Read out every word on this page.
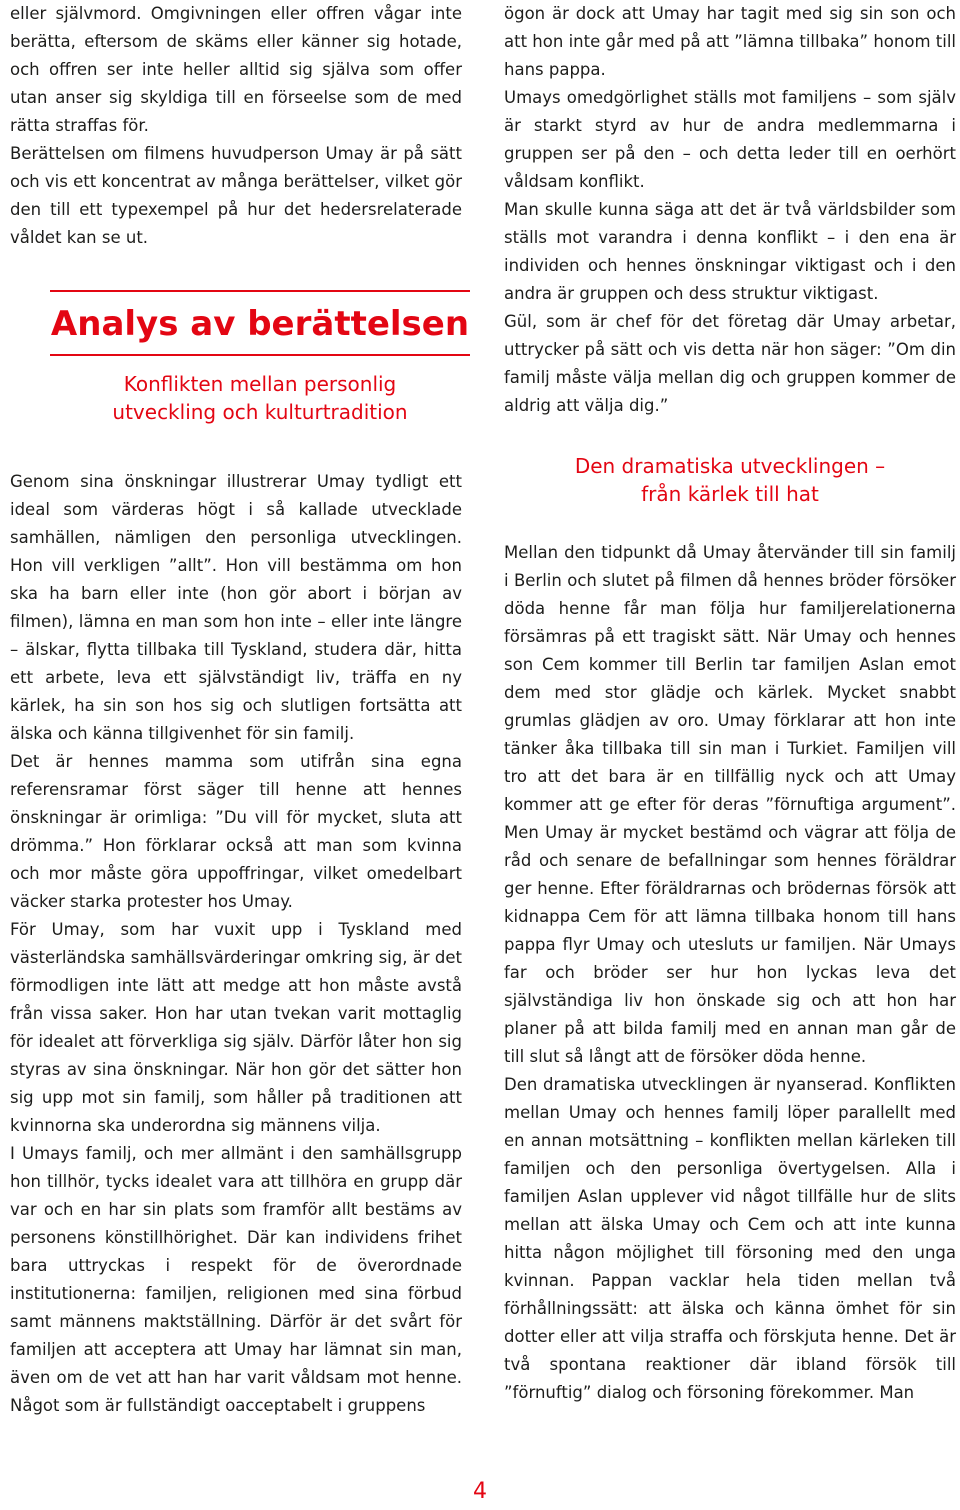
eller självmord. Omgivningen eller offren vågar inte berätta, eftersom de skäms eller känner sig hotade, och offren ser inte heller alltid sig själva som offer utan anser sig skyldiga till en förseelse som de med rätta straffas för.

Berättelsen om filmens huvudperson Umay är på sätt och vis ett koncentrat av många berättelser, vilket gör den till ett typexempel på hur det hedersrelaterade våldet kan se ut.

Analys av berättelsen
Konflikten mellan personlig
utveckling och kulturtradition

Genom sina önskningar illustrerar Umay tydligt ett ideal som värderas högt i så kallade utvecklade samhällen, nämligen den personliga utvecklingen. Hon vill verkligen ”allt”. Hon vill bestämma om hon ska ha barn eller inte (hon gör abort i början av filmen), lämna en man som hon inte – eller inte längre – älskar, flytta tillbaka till Tyskland, studera där, hitta ett arbete, leva ett självständigt liv, träffa en ny kärlek, ha sin son hos sig och slutligen fortsätta att älska och känna tillgivenhet för sin familj.

Det är hennes mamma som utifrån sina egna referensramar först säger till henne att hennes önskningar är orimliga: ”Du vill för mycket, sluta att drömma.” Hon förklarar också att man som kvinna och mor måste göra uppoffringar, vilket omedelbart väcker starka protester hos Umay.

För Umay, som har vuxit upp i Tyskland med västerländska samhällsvärderingar omkring sig, är det förmodligen inte lätt att medge att hon måste avstå från vissa saker. Hon har utan tvekan varit mottaglig för idealet att förverkliga sig själv. Därför låter hon sig styras av sina önskningar. När hon gör det sätter hon sig upp mot sin familj, som håller på traditionen att kvinnorna ska underordna sig männens vilja.

I Umays familj, och mer allmänt i den samhällsgrupp hon tillhör, tycks idealet vara att tillhöra en grupp där var och en har sin plats som framför allt bestäms av personens könstillhörighet. Där kan individens frihet bara uttryckas i respekt för de överordnade institutionerna: familjen, religionen med sina förbud samt männens maktställning. Därför är det svårt för familjen att acceptera att Umay har lämnat sin man, även om de vet att han har varit våldsam mot henne. Något som är fullständigt oacceptabelt i gruppens

ögon är dock att Umay har tagit med sig sin son och att hon inte går med på att ”lämna tillbaka” honom till hans pappa.

Umays omedgörlighet ställs mot familjens – som själv är starkt styrd av hur de andra medlemmarna i gruppen ser på den – och detta leder till en oerhört våldsam konflikt.

Man skulle kunna säga att det är två världsbilder som ställs mot varandra i denna konflikt – i den ena är individen och hennes önskningar viktigast och i den andra är gruppen och dess struktur viktigast.

Gül, som är chef för det företag där Umay arbetar, uttrycker på sätt och vis detta när hon säger: ”Om din familj måste välja mellan dig och gruppen kommer de aldrig att välja dig.”

Den dramatiska utvecklingen –
från kärlek till hat

Mellan den tidpunkt då Umay återvänder till sin familj i Berlin och slutet på filmen då hennes bröder försöker döda henne får man följa hur familjerelationerna försämras på ett tragiskt sätt. När Umay och hennes son Cem kommer till Berlin tar familjen Aslan emot dem med stor glädje och kärlek. Mycket snabbt grumlas glädjen av oro. Umay förklarar att hon inte tänker åka tillbaka till sin man i Turkiet. Familjen vill tro att det bara är en tillfällig nyck och att Umay kommer att ge efter för deras ”förnuftiga argument”. Men Umay är mycket bestämd och vägrar att följa de råd och senare de befallningar som hennes föräldrar ger henne. Efter föräldrarnas och brödernas försök att kidnappa Cem för att lämna tillbaka honom till hans pappa flyr Umay och utesluts ur familjen. När Umays far och bröder ser hur hon lyckas leva det självständiga liv hon önskade sig och att hon har planer på att bilda familj med en annan man går de till slut så långt att de försöker döda henne.

Den dramatiska utvecklingen är nyanserad. Konflikten mellan Umay och hennes familj löper parallellt med en annan motsättning – konflikten mellan kärleken till familjen och den personliga övertygelsen. Alla i familjen Aslan upplever vid något tillfälle hur de slits mellan att älska Umay och Cem och att inte kunna hitta någon möjlighet till försoning med den unga kvinnan. Pappan vacklar hela tiden mellan två förhållningssätt: att älska och känna ömhet för sin dotter eller att vilja straffa och förskjuta henne. Det är två spontana reaktioner där ibland försök till ”förnuftig” dialog och försoning förekommer. Man

4
